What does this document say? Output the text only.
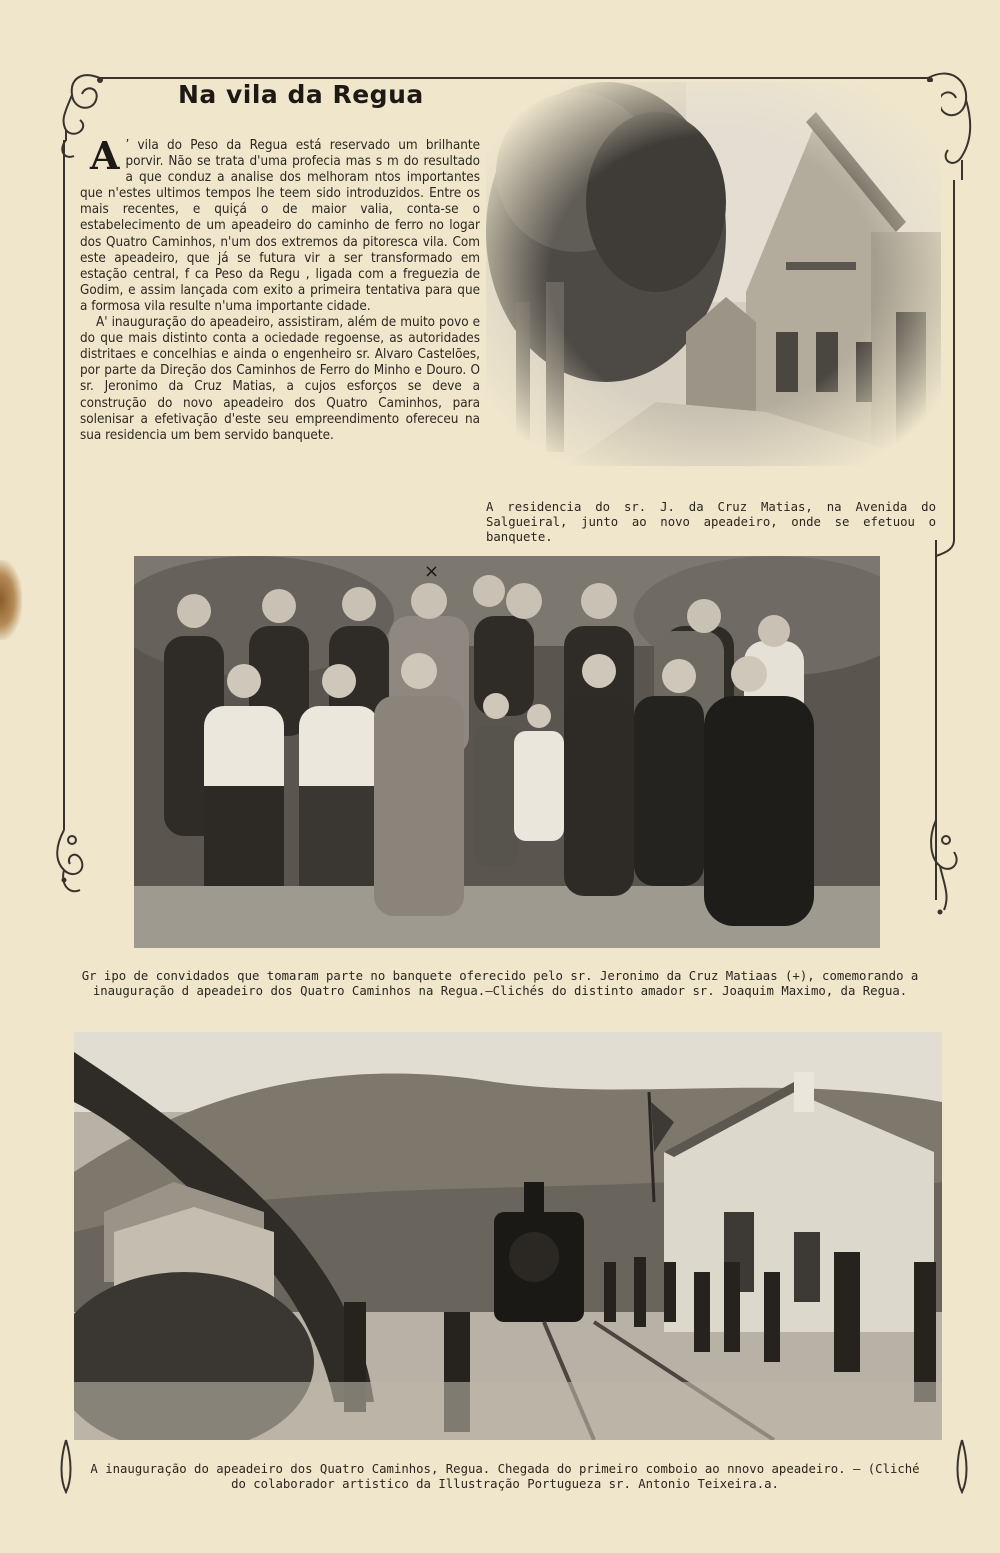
Na vila da Regua

A ’ vila do Peso da Regua está reservado um brilhante porvir. Não se trata d'uma profecia mas s m do resultado a que conduz a analise dos melhoram ntos importantes que n'estes ultimos tempos lhe teem sido introduzidos. Entre os mais recentes, e quiçá o de maior valia, conta-se o estabelecimento de um apeadeiro do caminho de ferro no logar dos Quatro Caminhos, n'um dos extremos da pitoresca vila. Com este apeadeiro, que já se futura vir a ser transformado em estação central, f ca Peso da Regu , ligada com a freguezia de Godim, e assim lançada com exito a primeira tentativa para que a formosa vila resulte n'uma importante cidade.

A' inauguração do apeadeiro, assistiram, além de muito povo e do que mais distinto conta a ociedade regoense, as autoridades distritaes e concelhias e ainda o engenheiro sr. Alvaro Castelões, por parte da Direção dos Caminhos de Ferro do Minho e Douro. O sr. Jeronimo da Cruz Matias, a cujos esforços se deve a construção do novo apeadeiro dos Quatro Caminhos, para solenisar a efetivação d'este seu empreendimento ofereceu na sua residencia um bem servido banquete.

A residencia do sr. J. da Cruz Matias, na Avenida do Salgueiral, junto ao novo apeadeiro, onde se efetuou o banquete.
×
Gr ipo de convidados que tomaram parte no banquete oferecido pelo sr. Jeronimo da Cruz Matiaas (+), comemorando a
inauguração d apeadeiro dos Quatro Caminhos na Regua.—Clichés do distinto amador sr. Joaquim Maximo, da Regua.
A inauguração do apeadeiro dos Quatro Caminhos, Regua. Chegada do primeiro comboio ao nnovo apeadeiro. — (Cliché
do colaborador artistico da Illustração Portugueza sr. Antonio Teixeira.a.
